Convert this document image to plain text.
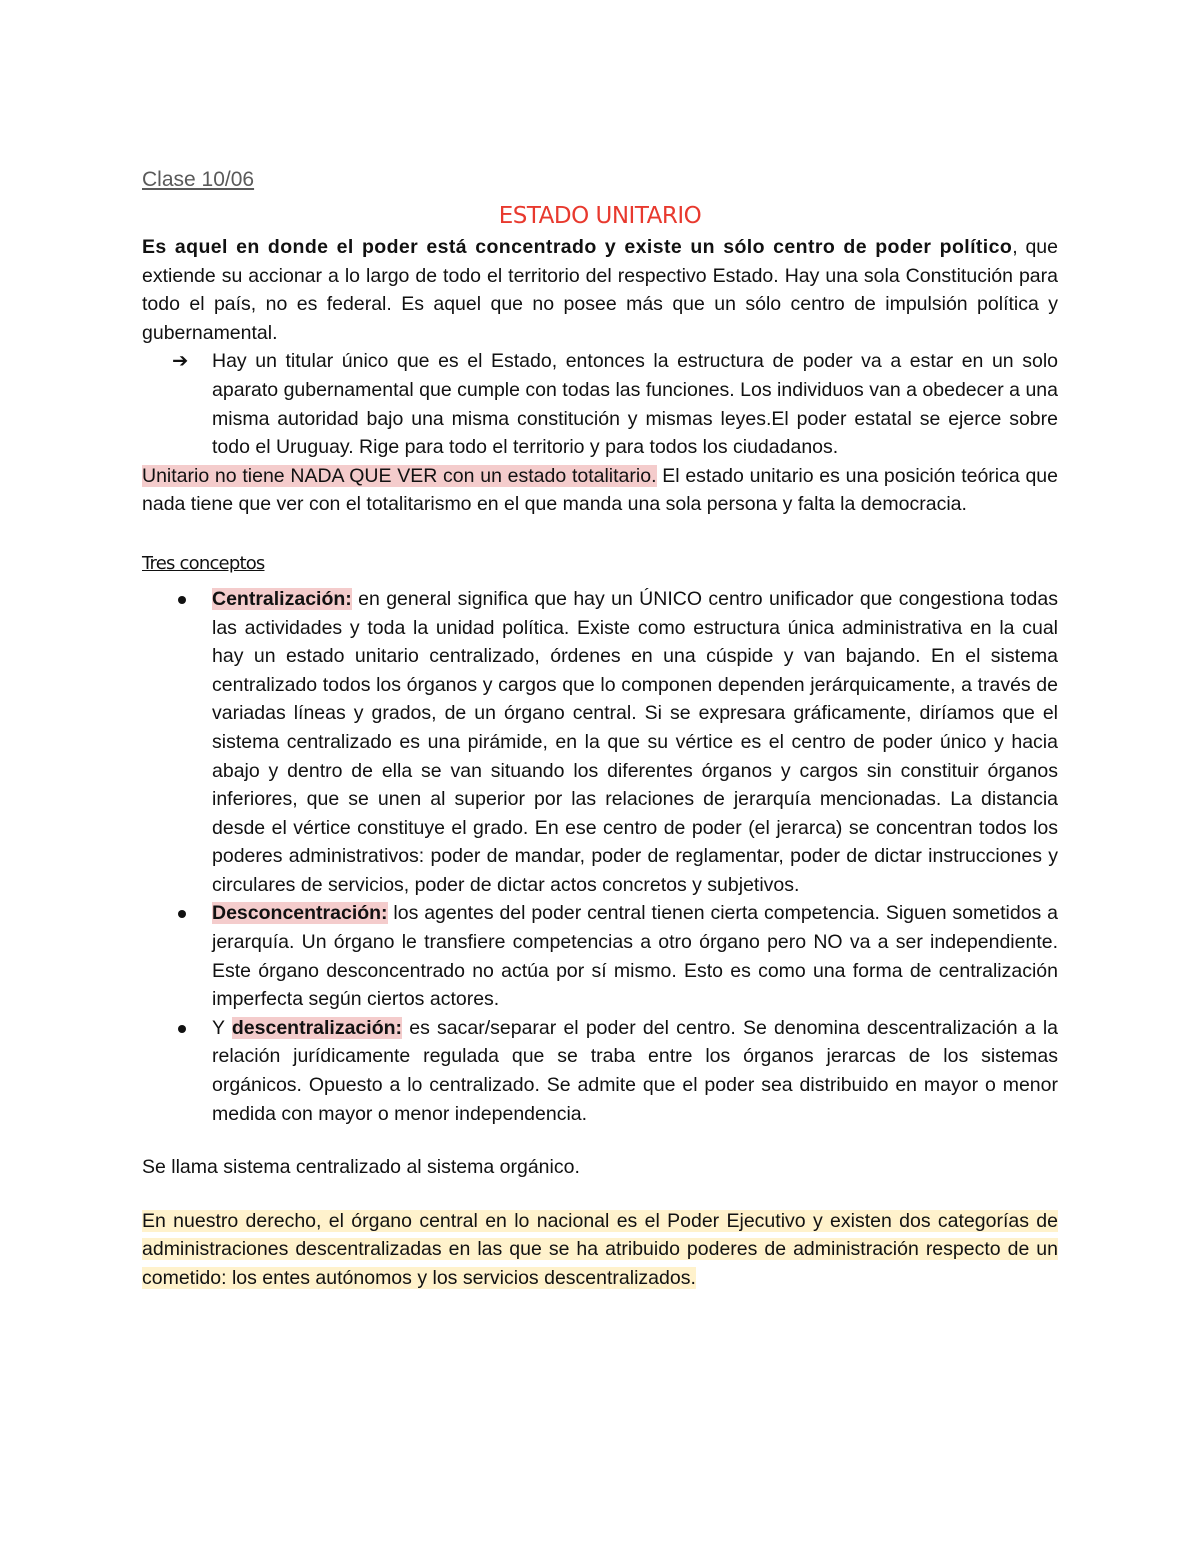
Clase 10/06
ESTADO UNITARIO

Es aquel en donde el poder está concentrado y existe un sólo centro de poder político, que extiende su accionar a lo largo de todo el territorio del respectivo Estado. Hay una sola Constitución para todo el país, no es federal. Es aquel que no posee más que un sólo centro de impulsión política y gubernamental.

➔	Hay un titular único que es el Estado, entonces la estructura de poder va a estar en un solo aparato gubernamental que cumple con todas las funciones. Los individuos van a obedecer a una misma autoridad bajo una misma constitución y mismas leyes.El poder estatal se ejerce sobre todo el Uruguay. Rige para todo el territorio y para todos los ciudadanos.

Unitario no tiene NADA QUE VER con un estado totalitario. El estado unitario es una posición teórica que nada tiene que ver con el totalitarismo en el que manda una sola persona y falta la democracia.

Tres conceptos
Centralización: en general significa que hay un ÚNICO centro unificador que congestiona todas las actividades y toda la unidad política. Existe como estructura única administrativa en la cual hay un estado unitario centralizado, órdenes en una cúspide y van bajando. En el sistema centralizado todos los órganos y cargos que lo componen dependen jerárquicamente, a través de variadas líneas y grados, de un órgano central. Si se expresara gráficamente, diríamos que el sistema centralizado es una pirámide, en la que su vértice es el centro de poder único y hacia abajo y dentro de ella se van situando los diferentes órganos y cargos sin constituir órganos inferiores, que se unen al superior por las relaciones de jerarquía mencionadas. La distancia desde el vértice constituye el grado. En ese centro de poder (el jerarca) se concentran todos los poderes administrativos: poder de mandar, poder de reglamentar, poder de dictar instrucciones y circulares de servicios, poder de dictar actos concretos y subjetivos.
Desconcentración: los agentes del poder central tienen cierta competencia. Siguen sometidos a jerarquía. Un órgano le transfiere competencias a otro órgano pero NO va a ser independiente. Este órgano desconcentrado no actúa por sí mismo. Esto es como una forma de centralización imperfecta según ciertos actores.
Y descentralización: es sacar/separar el poder del centro. Se denomina descentralización a la relación jurídicamente regulada que se traba entre los órganos jerarcas de los sistemas orgánicos. Opuesto a lo centralizado. Se admite que el poder sea distribuido en mayor o menor medida con mayor o menor independencia.

Se llama sistema centralizado al sistema orgánico.

En nuestro derecho, el órgano central en lo nacional es el Poder Ejecutivo y existen dos categorías de administraciones descentralizadas en las que se ha atribuido poderes de administración respecto de un cometido: los entes autónomos y los servicios descentralizados.
